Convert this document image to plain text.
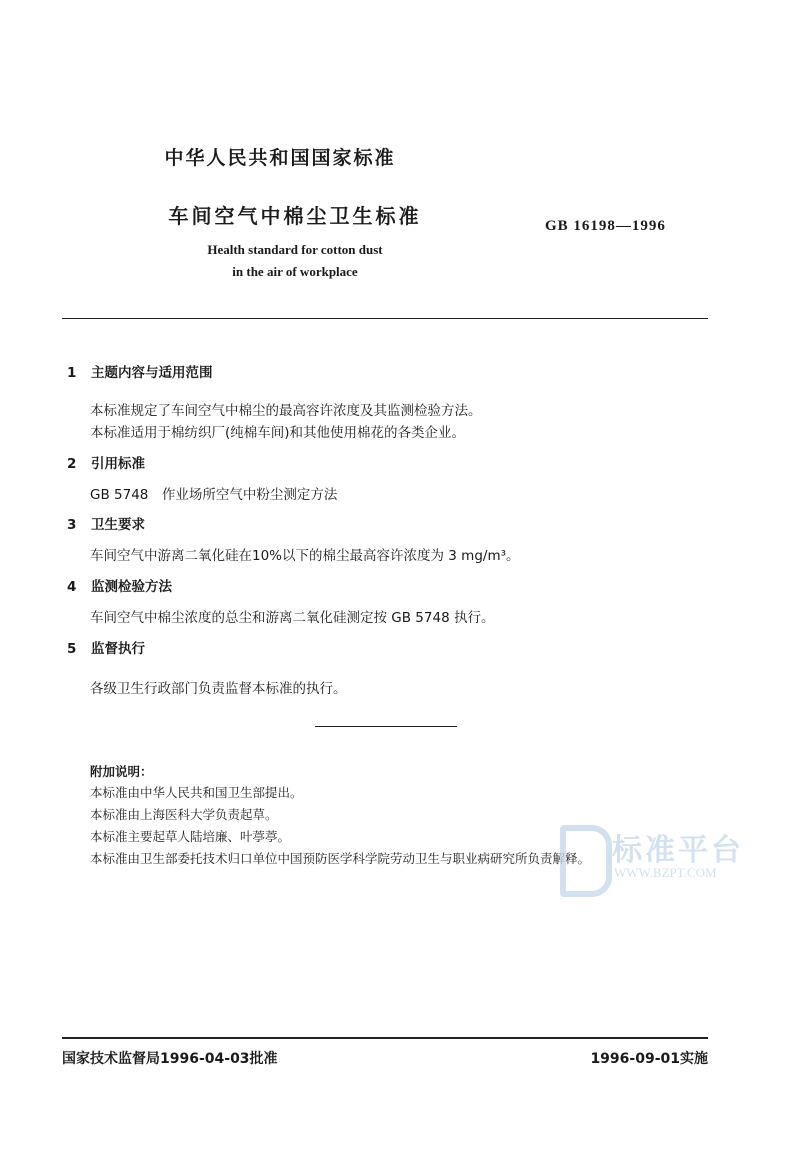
中华人民共和国国家标准
车间空气中棉尘卫生标准	GB 16198—1996
Health standard for cotton dust
in the air of workplace
1 主题内容与适用范围
本标准规定了车间空气中棉尘的最高容许浓度及其监测检验方法。
本标准适用于棉纺织厂(纯棉车间)和其他使用棉花的各类企业。
2 引用标准
GB 5748　作业场所空气中粉尘测定方法
3 卫生要求
车间空气中游离二氧化硅在10%以下的棉尘最高容许浓度为 3 mg/m³。
4 监测检验方法
车间空气中棉尘浓度的总尘和游离二氧化硅测定按 GB 5748 执行。
5 监督执行
各级卫生行政部门负责监督本标准的执行。
附加说明：
本标准由中华人民共和国卫生部提出。
本标准由上海医科大学负责起草。
本标准主要起草人陆培廉、叶葶葶。
本标准由卫生部委托技术归口单位中国预防医学科学院劳动卫生与职业病研究所负责解释。 标准平台
WWW.BZPT.COM
国家技术监督局1996-04-03批准	1996-09-01实施
